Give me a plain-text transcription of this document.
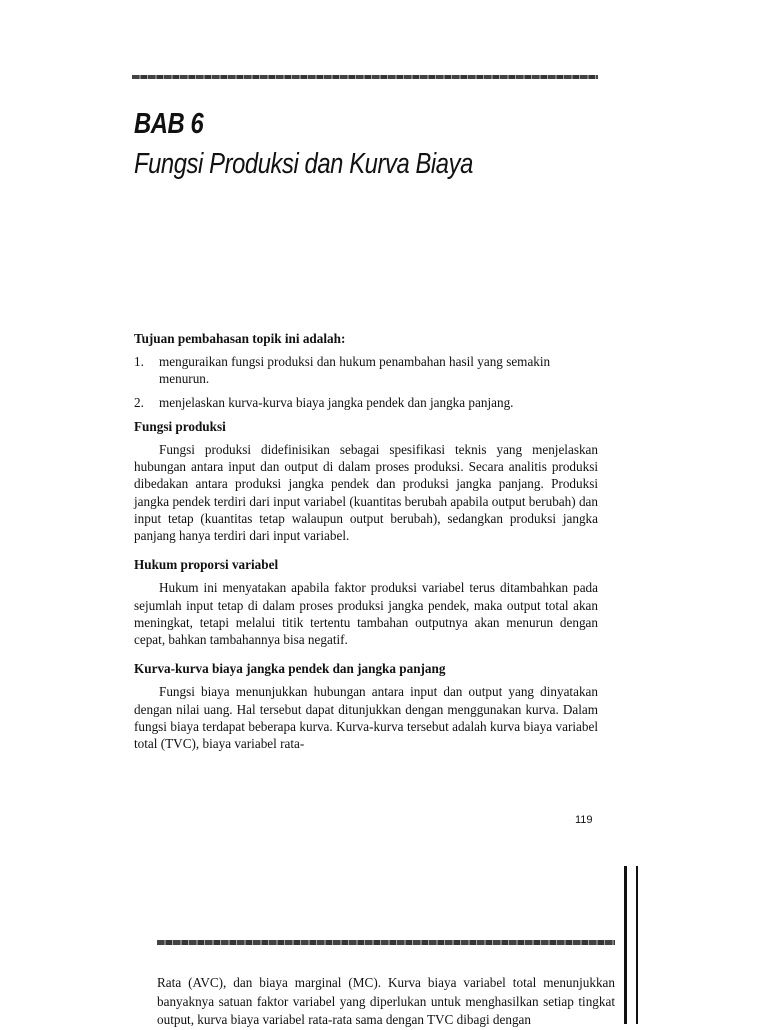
BAB 6
Fungsi Produksi dan Kurva Biaya

Tujuan pembahasan topik ini adalah:

1.	menguraikan fungsi produksi dan hukum penambahan hasil yang semakin menurun.
2.	menjelaskan kurva-kurva biaya jangka pendek dan jangka panjang.

Fungsi produksi

Fungsi produksi didefinisikan sebagai spesifikasi teknis yang menjelaskan hubungan antara input dan output di dalam proses produksi. Secara analitis produksi dibedakan antara produksi jangka pendek dan produksi jangka panjang. Produksi jangka pendek terdiri dari input variabel (kuantitas berubah apabila output berubah) dan input tetap (kuantitas tetap walaupun output berubah), sedangkan produksi jangka panjang hanya terdiri dari input variabel.

Hukum proporsi variabel

Hukum ini menyatakan apabila faktor produksi variabel terus ditambahkan pada sejumlah input tetap di dalam proses produksi jangka pendek, maka output total akan meningkat, tetapi melalui titik tertentu tambahan outputnya akan menurun dengan cepat, bahkan tambahannya bisa negatif.

Kurva-kurva biaya jangka pendek dan jangka panjang

Fungsi biaya menunjukkan hubungan antara input dan output yang dinyatakan dengan nilai uang. Hal tersebut dapat ditunjukkan dengan menggunakan kurva. Dalam fungsi biaya terdapat beberapa kurva. Kurva-kurva tersebut adalah kurva biaya variabel total (TVC), biaya variabel rata-

119
Rata (AVC), dan biaya marginal (MC). Kurva biaya variabel total menunjukkan banyaknya satuan faktor variabel yang diperlukan untuk menghasilkan setiap tingkat output, kurva biaya variabel rata-rata sama dengan TVC dibagi dengan
